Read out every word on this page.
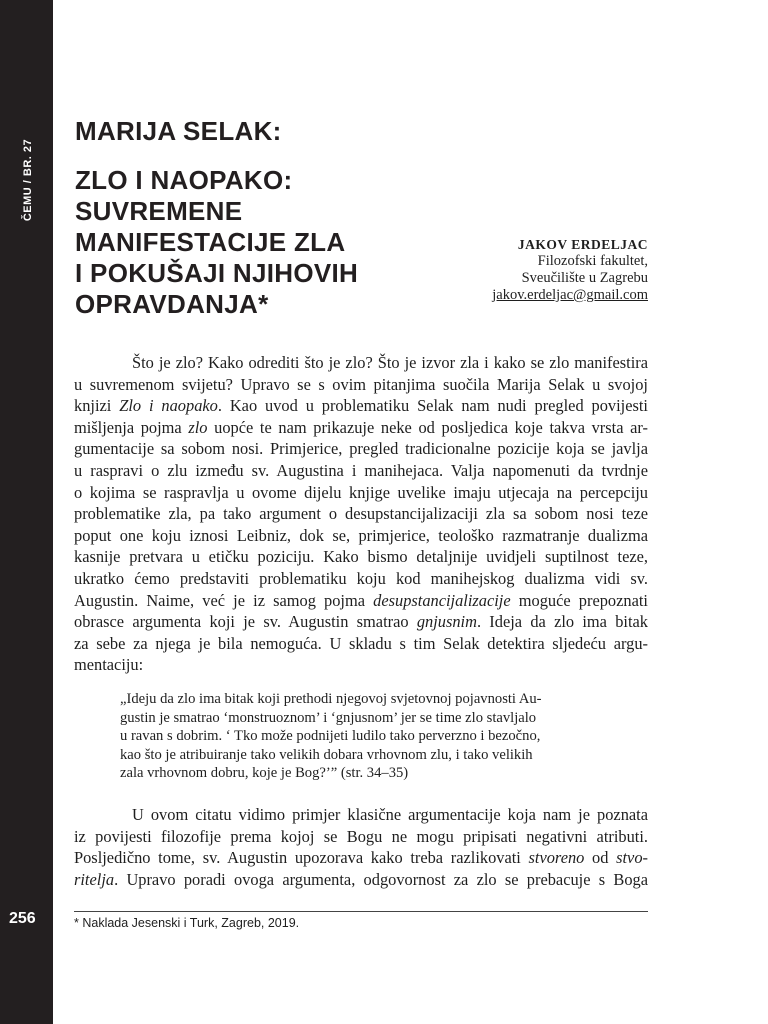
ČEMU / BR. 27
256
MARIJA SELAK:
ZLO I NAOPAKO:
SUVREMENE
MANIFESTACIJE ZLA
I POKUŠAJI NJIHOVIH
OPRAVDANJA*
JAKOV ERDELJAC
Filozofski fakultet,
Sveučilište u Zagrebu
jakov.erdeljac@gmail.com
Što je zlo? Kako odrediti što je zlo? Što je izvor zla i kako se zlo manifestira
u suvremenom svijetu? Upravo se s ovim pitanjima suočila Marija Selak u svojoj
knjizi Zlo i naopako. Kao uvod u problematiku Selak nam nudi pregled povijesti
mišljenja pojma zlo uopće te nam prikazuje neke od posljedica koje takva vrsta ar-
gumentacije sa sobom nosi. Primjerice, pregled tradicionalne pozicije koja se javlja
u raspravi o zlu između sv. Augustina i manihejaca. Valja napomenuti da tvrdnje
o kojima se raspravlja u ovome dijelu knjige uvelike imaju utjecaja na percepciju
problematike zla, pa tako argument o desupstancijalizaciji zla sa sobom nosi teze
poput one koju iznosi Leibniz, dok se, primjerice, teološko razmatranje dualizma
kasnije pretvara u etičku poziciju. Kako bismo detaljnije uvidjeli suptilnost teze,
ukratko ćemo predstaviti problematiku koju kod manihejskog dualizma vidi sv.
Augustin. Naime, već je iz samog pojma desupstancijalizacije moguće prepoznati
obrasce argumenta koji je sv. Augustin smatrao gnjusnim. Ideja da zlo ima bitak
za sebe za njega je bila nemoguća. U skladu s tim Selak detektira sljedeću argu-
mentaciju:
„Ideju da zlo ima bitak koji prethodi njegovoj svjetovnoj pojavnosti Au-
gustin je smatrao ‘monstruoznom’ i ‘gnjusnom’ jer se time zlo stavljalo
u ravan s dobrim. ‘ Tko može podnijeti ludilo tako perverzno i bezočno,
kao što je atribuiranje tako velikih dobara vrhovnom zlu, i tako velikih
zala vrhovnom dobru, koje je Bog?’” (str. 34–35)
U ovom citatu vidimo primjer klasične argumentacije koja nam je poznata
iz povijesti filozofije prema kojoj se Bogu ne mogu pripisati negativni atributi.
Posljedično tome, sv. Augustin upozorava kako treba razlikovati stvoreno od stvo-
ritelja. Upravo poradi ovoga argumenta, odgovornost za zlo se prebacuje s Boga
* Naklada Jesenski i Turk, Zagreb, 2019.
